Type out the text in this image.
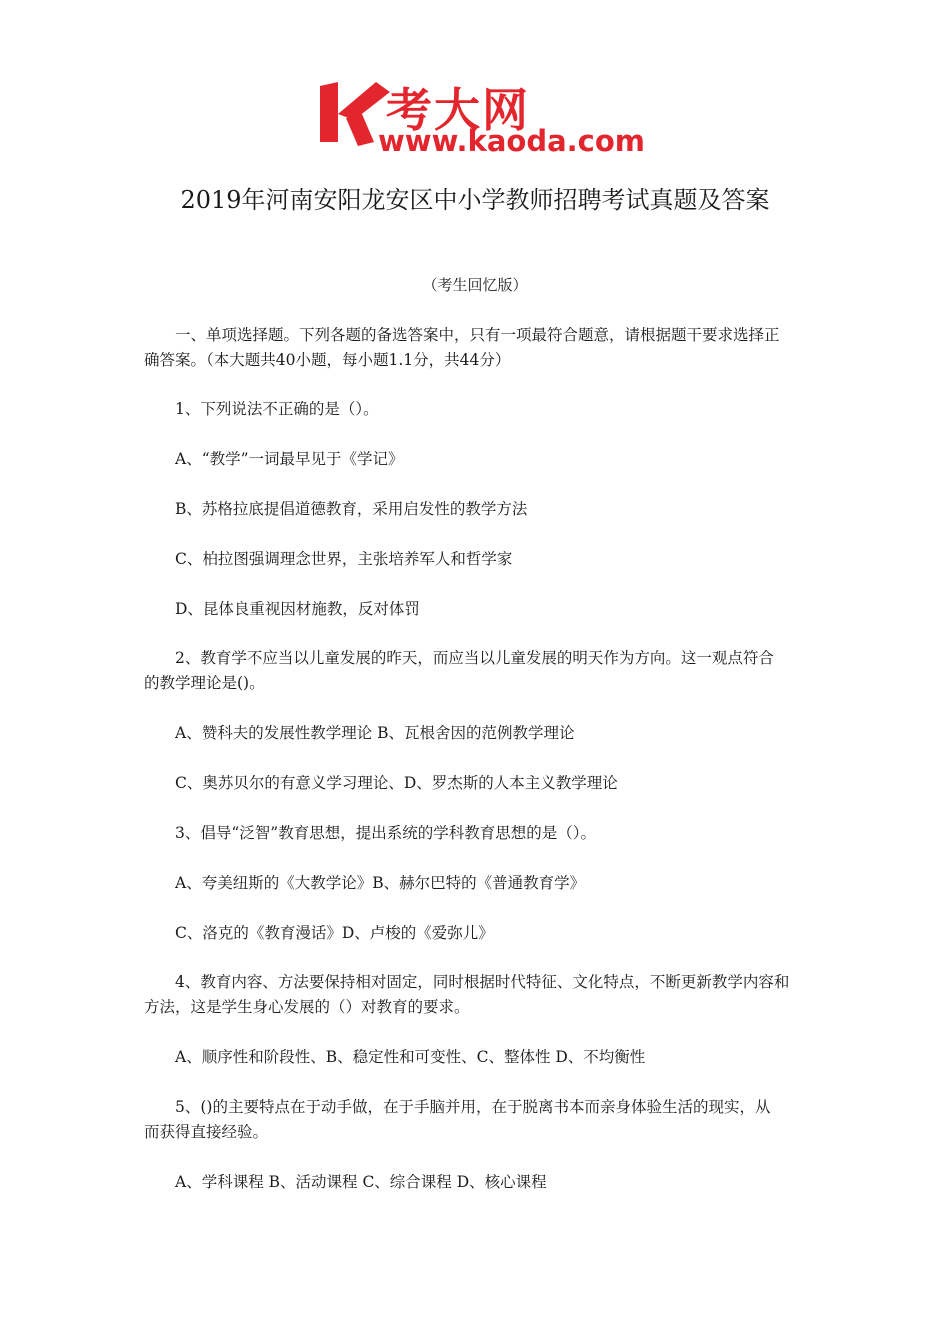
考大网
www.kaoda.com
2019年河南安阳龙安区中小学教师招聘考试真题及答案
（考生回忆版）
一、单项选择题。下列各题的备选答案中，只有一项最符合题意，请根据题干要求选择正
确答案。（本大题共40小题，每小题1.1分，共44分）
1、下列说法不正确的是（）。
A、“教学”一词最早见于《学记》
B、苏格拉底提倡道德教育，采用启发性的教学方法
C、柏拉图强调理念世界，主张培养军人和哲学家
D、昆体良重视因材施教，反对体罚
2、教育学不应当以儿童发展的昨天，而应当以儿童发展的明天作为方向。这一观点符合
的教学理论是()。
A、赞科夫的发展性教学理论 B、瓦根舍因的范例教学理论
C、奥苏贝尔的有意义学习理论、D、罗杰斯的人本主义教学理论
3、倡导“泛智”教育思想，提出系统的学科教育思想的是（）。
A、夸美纽斯的《大教学论》B、赫尔巴特的《普通教育学》
C、洛克的《教育漫话》D、卢梭的《爱弥儿》
4、教育内容、方法要保持相对固定，同时根据时代特征、文化特点，不断更新教学内容和
方法，这是学生身心发展的（）对教育的要求。
A、顺序性和阶段性、B、稳定性和可变性、C、整体性 D、不均衡性
5、()的主要特点在于动手做，在于手脑并用，在于脱离书本而亲身体验生活的现实，从
而获得直接经验。
A、学科课程 B、活动课程 C、综合课程 D、核心课程
